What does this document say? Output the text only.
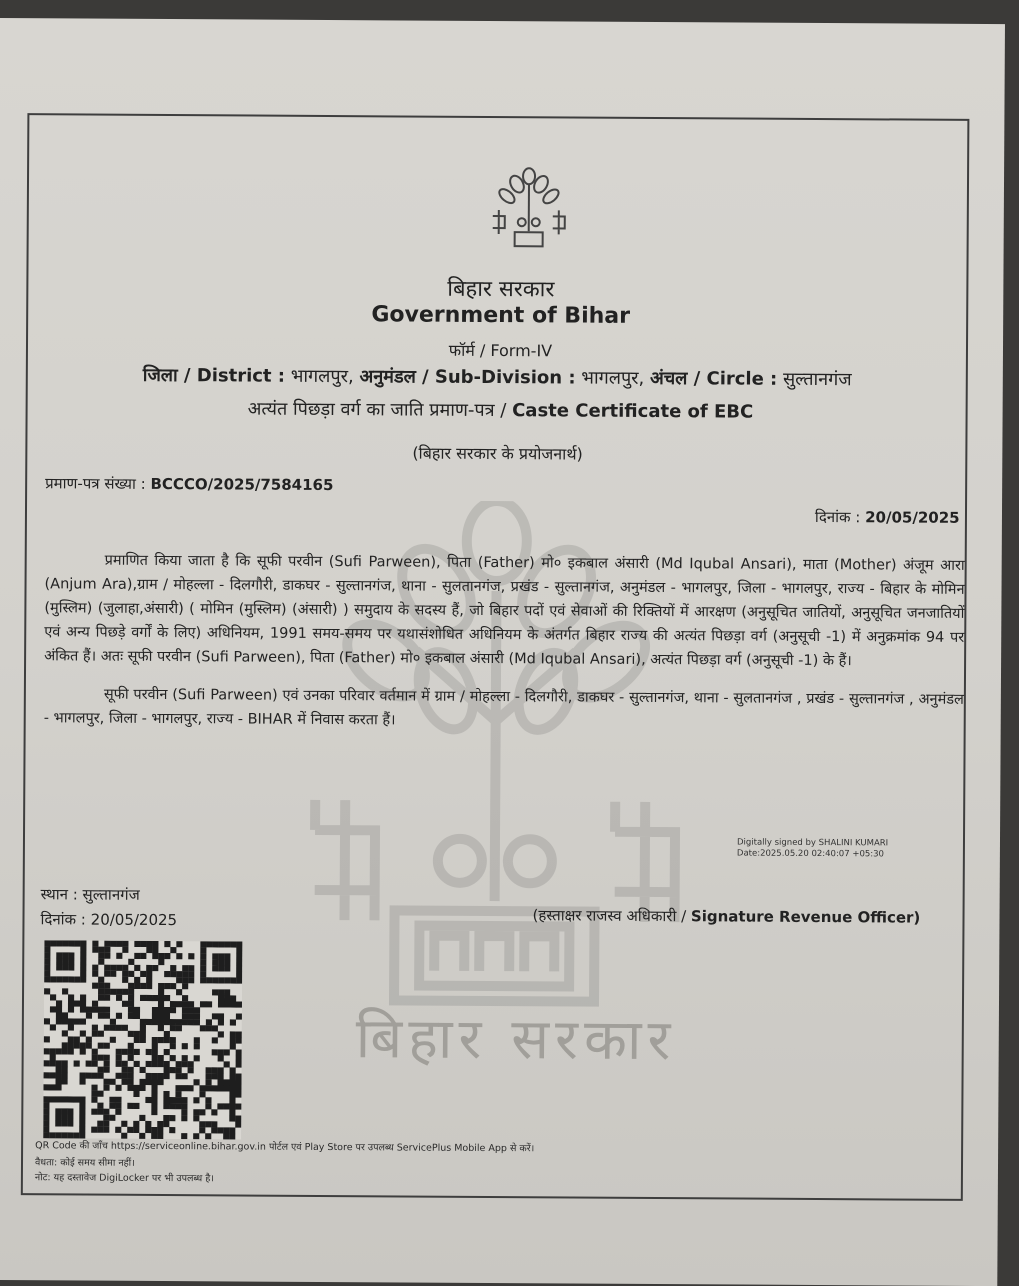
बिहार सरकार
बिहार सरकार
Government of Bihar
फॉर्म / Form-IV
जिला / District : भागलपुर, अनुमंडल / Sub-Division : भागलपुर, अंचल / Circle : सुल्तानगंज
अत्यंत पिछड़ा वर्ग का जाति प्रमाण-पत्र / Caste Certificate of EBC
(बिहार सरकार के प्रयोजनार्थ)
प्रमाण-पत्र संख्या : BCCCO/2025/7584165
दिनांक : 20/05/2025

प्रमाणित किया जाता है कि सूफी परवीन (Sufi Parween), पिता (Father) मो० इकबाल अंसारी (Md Iqubal Ansari), माता (Mother) अंजूम आरा (Anjum Ara),ग्राम / मोहल्ला - दिलगौरी, डाकघर - सुल्तानगंज, थाना - सुलतानगंज, प्रखंड - सुल्तानगंज, अनुमंडल - भागलपुर, जिला - भागलपुर, राज्य - बिहार के मोमिन (मुस्लिम) (जुलाहा,अंसारी) ( मोमिन (मुस्लिम) (अंसारी) ) समुदाय के सदस्य हैं, जो बिहार पदों एवं सेवाओं की रिक्तियों में आरक्षण (अनुसूचित जातियों, अनुसूचित जनजातियों एवं अन्य पिछड़े वर्गों के लिए) अधिनियम, 1991 समय-समय पर यथासंशोधित अधिनियम के अंतर्गत बिहार राज्य की अत्यंत पिछड़ा वर्ग (अनुसूची -1) में अनुक्रमांक 94 पर अंकित हैं। अतः सूफी परवीन (Sufi Parween), पिता (Father) मो० इकबाल अंसारी (Md Iqubal Ansari), अत्यंत पिछड़ा वर्ग (अनुसूची -1) के हैं।

सूफी परवीन (Sufi Parween) एवं उनका परिवार वर्तमान में ग्राम / मोहल्ला - दिलगौरी, डाकघर - सुल्तानगंज, थाना - सुलतानगंज , प्रखंड - सुल्तानगंज , अनुमंडल - भागलपुर, जिला - भागलपुर, राज्य - BIHAR में निवास करता हैं।

Digitally signed by SHALINI KUMARI
Date:2025.05.20 02:40:07 +05:30
स्थान : सुल्तानगंज
दिनांक : 20/05/2025	(हस्ताक्षर राजस्व अधिकारी / Signature Revenue Officer)
QR Code की जाँच https://serviceonline.bihar.gov.in पोर्टल एवं Play Store पर उपलब्ध ServicePlus Mobile App से करें।
वैधता: कोई समय सीमा नहीं।
नोट: यह दस्तावेज DigiLocker पर भी उपलब्ध है।
